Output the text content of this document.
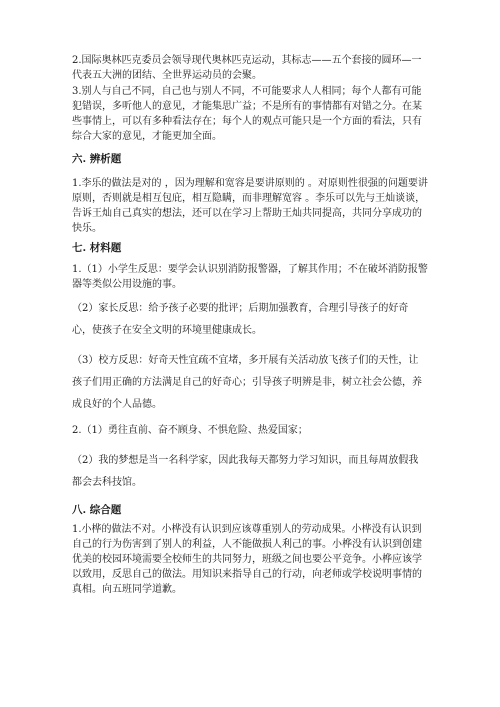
2.国际奥林匹克委员会领导现代奥林匹克运动，其标志——五个套接的圆环—一代表五大洲的团结、全世界运动员的会聚。

3.别人与自己不同，自己也与别人不同，不可能要求人人相同；每个人都有可能犯错误，多听他人的意见，才能集思广益；不是所有的事情都有对错之分。在某些事情上，可以有多种看法存在；每个人的观点可能只是一个方面的看法，只有综合大家的意见，才能更加全面。

六. 辨析题

1.李乐的做法是对的 ，因为理解和宽容是要讲原则的 。对原则性很强的问题要讲原则，否则就是相互包庇，相互隐瞒，而非理解宽容 。李乐可以先与王灿谈谈，告诉王灿自己真实的想法，还可以在学习上帮助王灿共同提高，共同分享成功的快乐。

七. 材料题

1.（1）小学生反思：要学会认识别消防报警器，了解其作用；不在破坏消防报警器等类似公用设施的事。

（2）家长反思：给予孩子必要的批评；后期加强教育，合理引导孩子的好奇心，使孩子在安全文明的环境里健康成长。

（3）校方反思：好奇天性宜疏不宜堵，多开展有关活动放飞孩子们的天性，让孩子们用正确的方法满足自己的好奇心；引导孩子明辨是非，树立社会公德，养成良好的个人品德。

2.（1）勇往直前、奋不顾身、不惧危险、热爱国家；

（2）我的梦想是当一名科学家，因此我每天都努力学习知识，而且每周放假我都会去科技馆。

八. 综合题

1.小桦的做法不对。小桦没有认识到应该尊重别人的劳动成果。小桦没有认识到自己的行为伤害到了别人的利益，人不能做损人利己的事。小桦没有认识到创建优美的校园环境需要全校师生的共同努力，班级之间也要公平竞争。小桦应该学以致用，反思自己的做法。用知识来指导自己的行动，向老师或学校说明事情的真相。向五班同学道歉。
